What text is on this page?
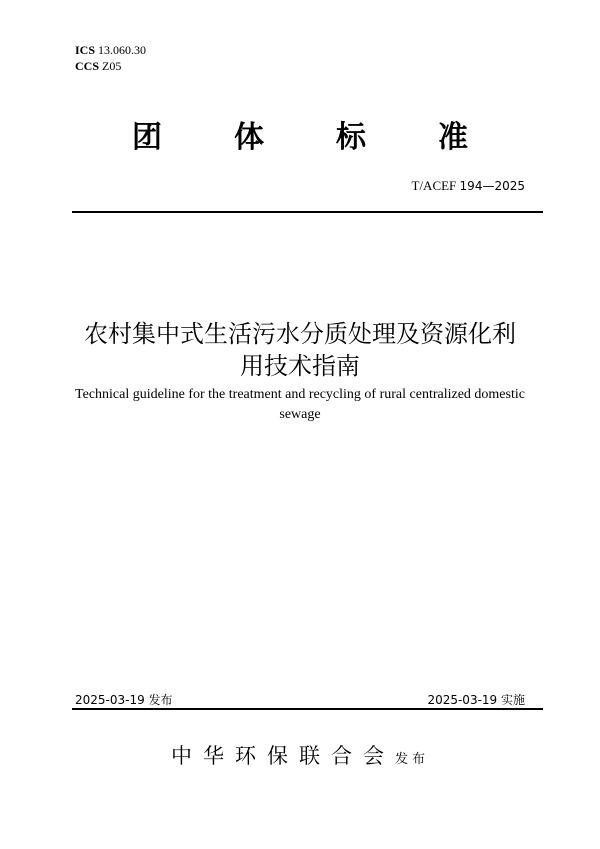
ICS 13.060.30
CCS Z05
团 体 标 准
T/ACEF 194—2025
农村集中式生活污水分质处理及资源化利
用技术指南
Technical guideline for the treatment and recycling of rural centralized domestic
sewage
2025-03-19 发布	2025-03-19 实施
中华环保联合会发布
